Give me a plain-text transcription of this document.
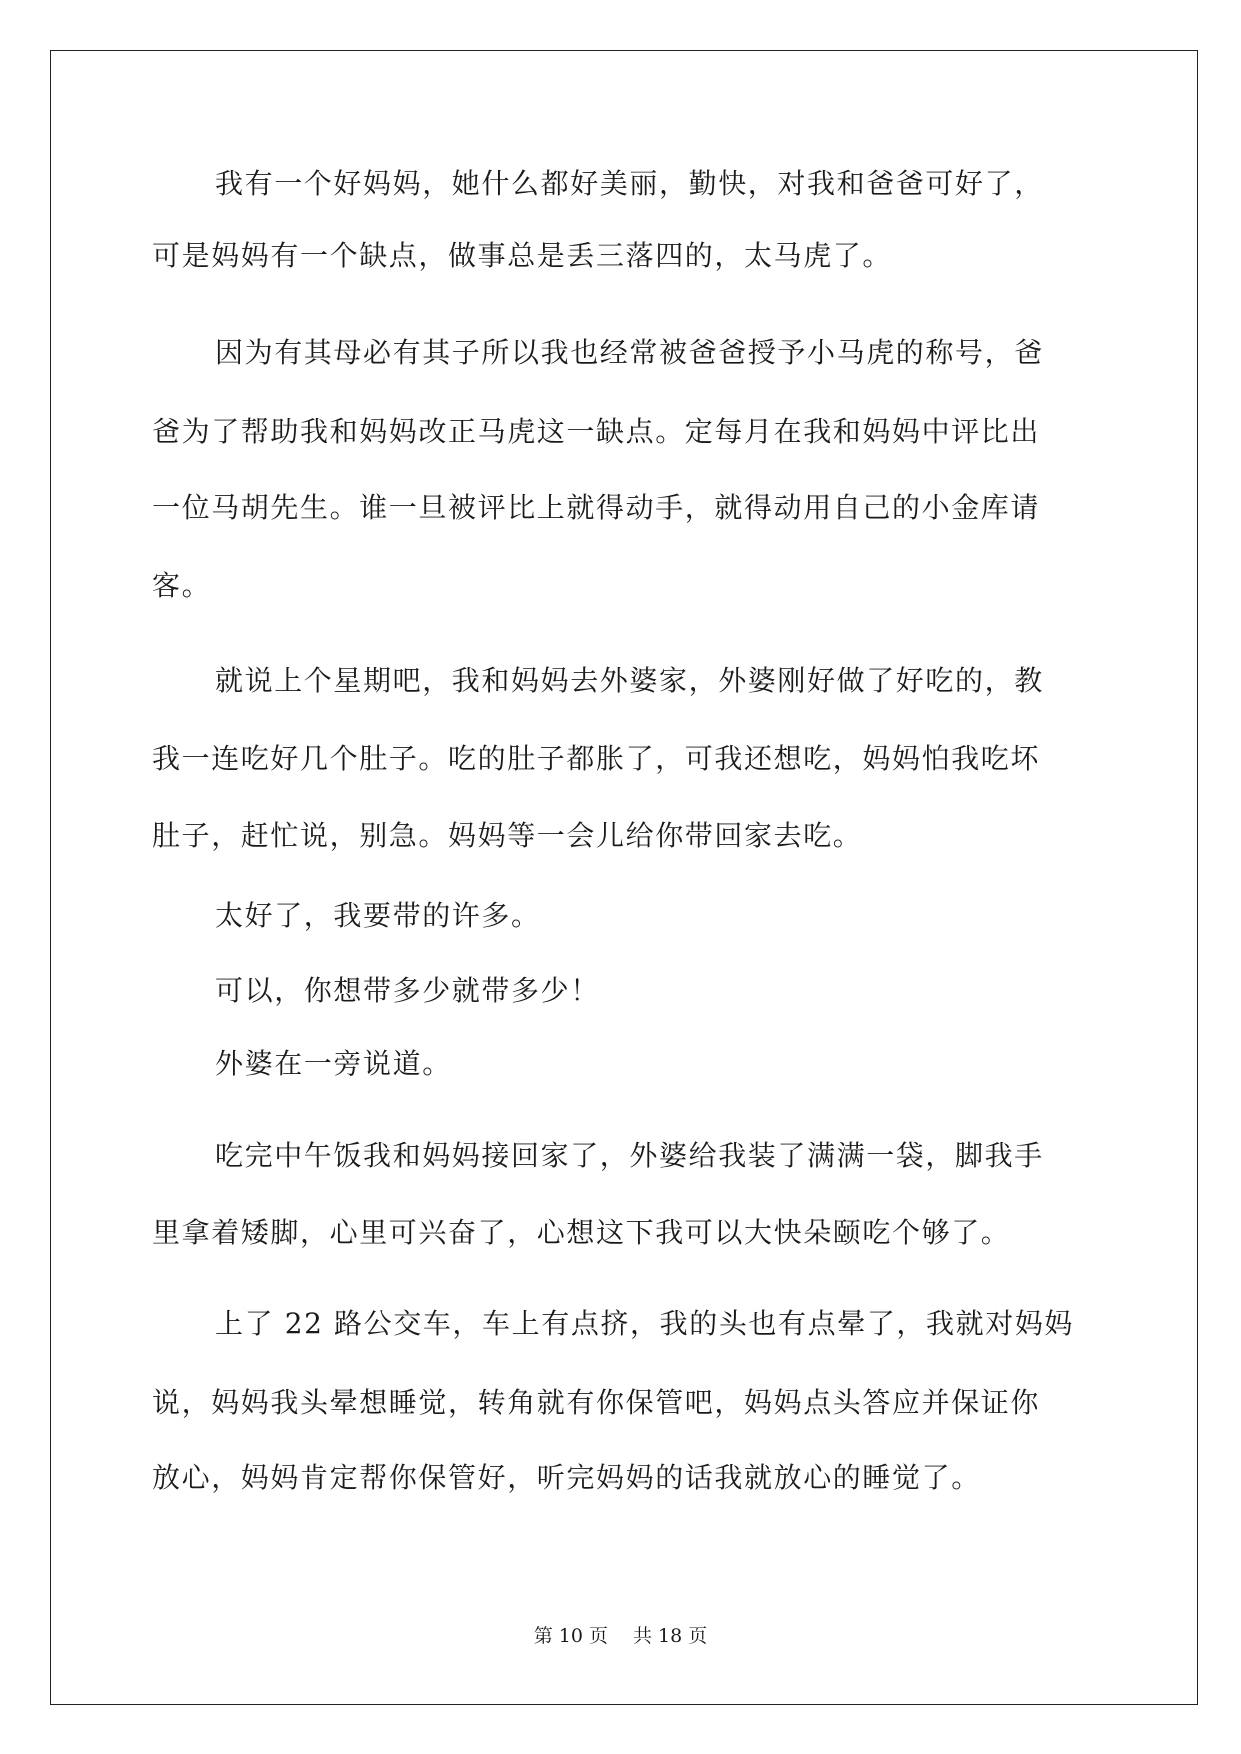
我有一个好妈妈，她什么都好美丽，勤快，对我和爸爸可好了，
可是妈妈有一个缺点，做事总是丢三落四的，太马虎了。
因为有其母必有其子所以我也经常被爸爸授予小马虎的称号，爸
爸为了帮助我和妈妈改正马虎这一缺点。定每月在我和妈妈中评比出
一位马胡先生。谁一旦被评比上就得动手，就得动用自己的小金库请
客。
就说上个星期吧，我和妈妈去外婆家，外婆刚好做了好吃的，教
我一连吃好几个肚子。吃的肚子都胀了，可我还想吃，妈妈怕我吃坏
肚子，赶忙说，别急。妈妈等一会儿给你带回家去吃。
太好了，我要带的许多。
可以，你想带多少就带多少！
外婆在一旁说道。
吃完中午饭我和妈妈接回家了，外婆给我装了满满一袋，脚我手
里拿着矮脚，心里可兴奋了，心想这下我可以大快朵颐吃个够了。
上了 22 路公交车，车上有点挤，我的头也有点晕了，我就对妈妈
说，妈妈我头晕想睡觉，转角就有你保管吧，妈妈点头答应并保证你
放心，妈妈肯定帮你保管好，听完妈妈的话我就放心的睡觉了。
第 10 页　 共 18 页
